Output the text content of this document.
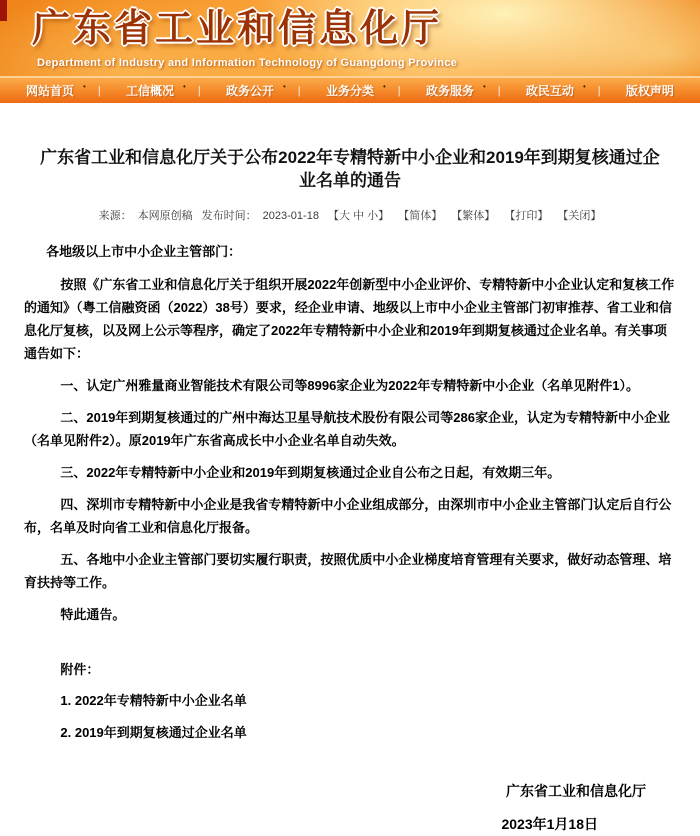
广东省工业和信息化厅
Department of Industry and Information Technology of Guangdong Province
网站首页 • | 工信概况 • | 政务公开 • | 业务分类 • | 政务服务 • | 政民互动 • | 版权声明
广东省工业和信息化厅关于公布2022年专精特新中小企业和2019年到期复核通过企业名单的通告
来源： 本网原创稿 发布时间： 2023-01-18 【大 中 小】 【简体】 【繁体】 【打印】 【关闭】

各地级以上市中小企业主管部门：

按照《广东省工业和信息化厅关于组织开展2022年创新型中小企业评价、专精特新中小企业认定和复核工作的通知》（粤工信融资函（2022）38号）要求，经企业申请、地级以上市中小企业主管部门初审推荐、省工业和信息化厅复核，以及网上公示等程序，确定了2022年专精特新中小企业和2019年到期复核通过企业名单。有关事项通告如下：

一、认定广州雅量商业智能技术有限公司等8996家企业为2022年专精特新中小企业（名单见附件1）。

二、2019年到期复核通过的广州中海达卫星导航技术股份有限公司等286家企业，认定为专精特新中小企业（名单见附件2）。原2019年广东省高成长中小企业名单自动失效。

三、2022年专精特新中小企业和2019年到期复核通过企业自公布之日起，有效期三年。

四、深圳市专精特新中小企业是我省专精特新中小企业组成部分，由深圳市中小企业主管部门认定后自行公布，名单及时向省工业和信息化厅报备。

五、各地中小企业主管部门要切实履行职责，按照优质中小企业梯度培育管理有关要求，做好动态管理、培育扶持等工作。

特此通告。

附件：

1. 2022年专精特新中小企业名单

2. 2019年到期复核通过企业名单

广东省工业和信息化厅
2023年1月18日
